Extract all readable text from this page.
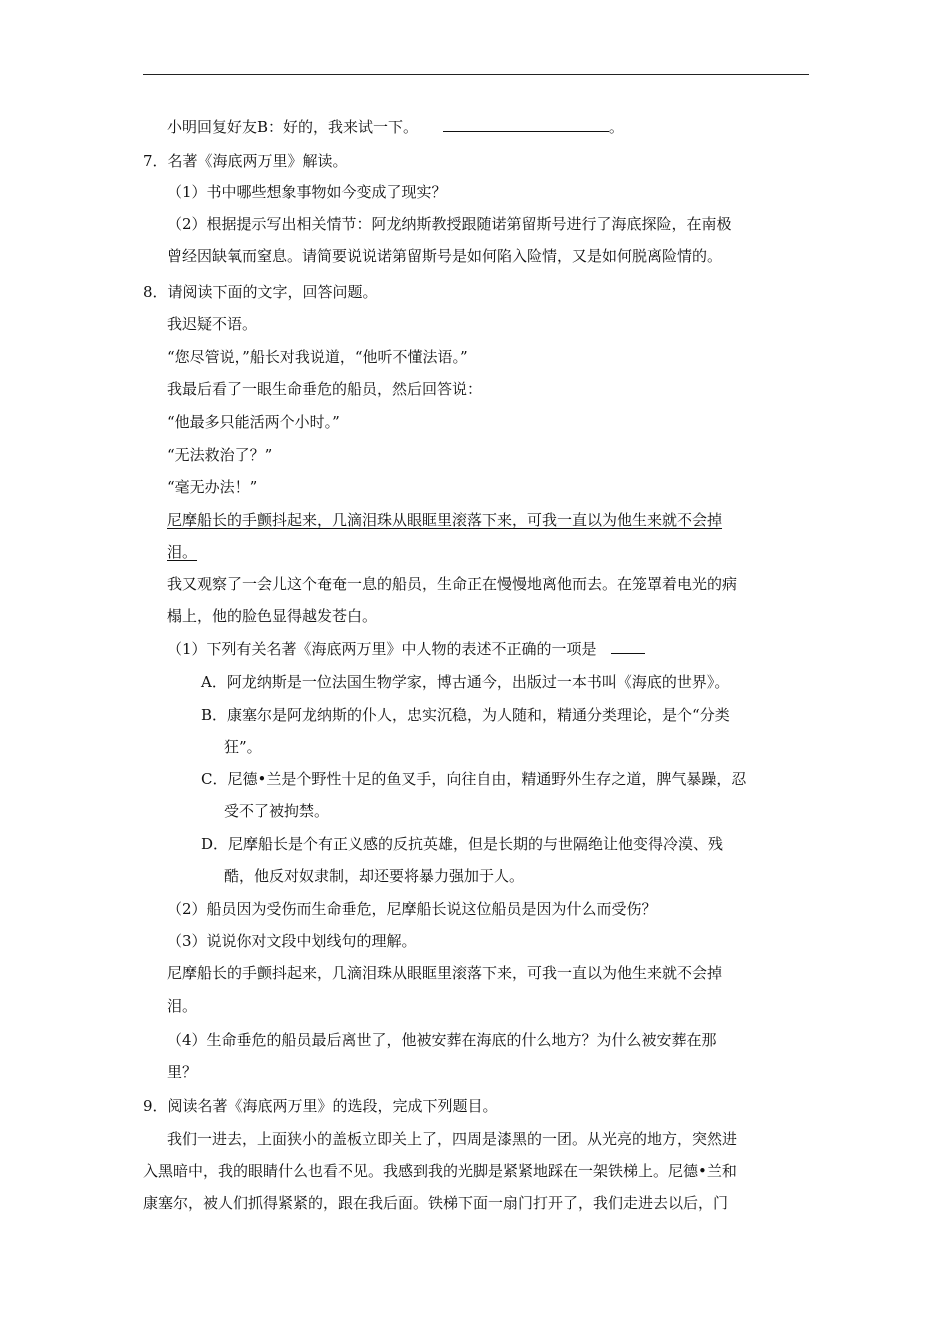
小明回复好友B：好的，我来试一下。	。
7．名著《海底两万里》解读。
（1）书中哪些想象事物如今变成了现实？
（2）根据提示写出相关情节：阿龙纳斯教授跟随诺第留斯号进行了海底探险，在南极
曾经因缺氧而窒息。请简要说说诺第留斯号是如何陷入险情，又是如何脱离险情的。
8．请阅读下面的文字，回答问题。
我迟疑不语。
“您尽管说，”船长对我说道，“他听不懂法语。”
我最后看了一眼生命垂危的船员，然后回答说：
“他最多只能活两个小时。”
“无法救治了？”
“毫无办法！”
尼摩船长的手颤抖起来，几滴泪珠从眼眶里滚落下来，可我一直以为他生来就不会掉
泪。
我又观察了一会儿这个奄奄一息的船员，生命正在慢慢地离他而去。在笼罩着电光的病
榻上，他的脸色显得越发苍白。
（1）下列有关名著《海底两万里》中人物的表述不正确的一项是
A．阿龙纳斯是一位法国生物学家，博古通今，出版过一本书叫《海底的世界》。
B．康塞尔是阿龙纳斯的仆人，忠实沉稳，为人随和，精通分类理论，是个“分类
狂”。
C．尼德•兰是个野性十足的鱼叉手，向往自由，精通野外生存之道，脾气暴躁，忍
受不了被拘禁。
D．尼摩船长是个有正义感的反抗英雄，但是长期的与世隔绝让他变得冷漠、残
酷，他反对奴隶制，却还要将暴力强加于人。
（2）船员因为受伤而生命垂危，尼摩船长说这位船员是因为什么而受伤？
（3）说说你对文段中划线句的理解。
尼摩船长的手颤抖起来，几滴泪珠从眼眶里滚落下来，可我一直以为他生来就不会掉
泪。
（4）生命垂危的船员最后离世了，他被安葬在海底的什么地方？为什么被安葬在那
里？
9．阅读名著《海底两万里》的选段，完成下列题目。
我们一进去，上面狭小的盖板立即关上了，四周是漆黑的一团。从光亮的地方，突然进
入黑暗中，我的眼睛什么也看不见。我感到我的光脚是紧紧地踩在一架铁梯上。尼德•兰和
康塞尔，被人们抓得紧紧的，跟在我后面。铁梯下面一扇门打开了，我们走进去以后，门
